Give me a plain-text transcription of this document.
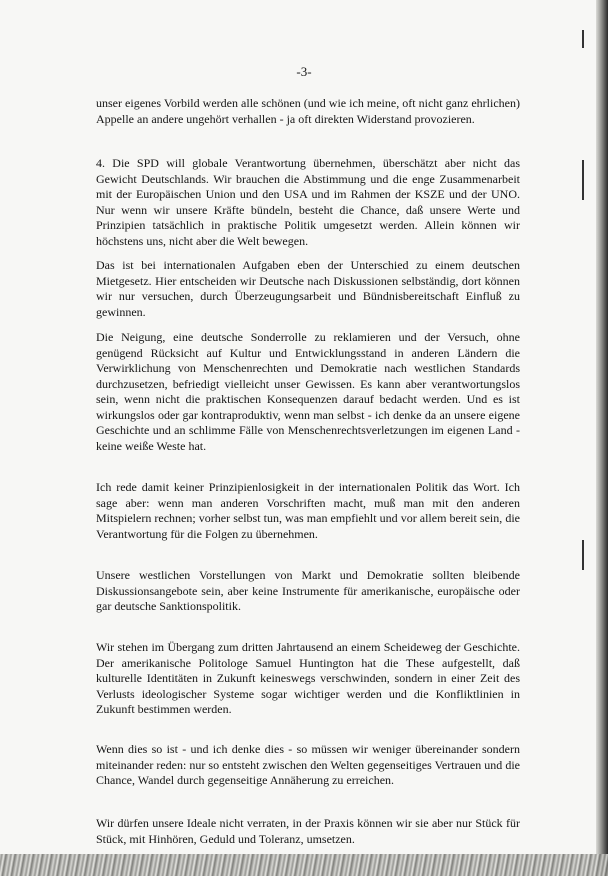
-3-

unser eigenes Vorbild werden alle schönen (und wie ich meine, oft nicht ganz ehrlichen) Appelle an andere ungehört verhallen - ja oft direkten Widerstand provozieren.

4. Die SPD will globale Verantwortung übernehmen, überschätzt aber nicht das Gewicht Deutschlands. Wir brauchen die Abstimmung und die enge Zusammenarbeit mit der Europäischen Union und den USA und im Rahmen der KSZE und der UNO. Nur wenn wir unsere Kräfte bündeln, besteht die Chance, daß unsere Werte und Prinzipien tatsächlich in praktische Politik umgesetzt werden. Allein können wir höchstens uns, nicht aber die Welt bewegen.

Das ist bei internationalen Aufgaben eben der Unterschied zu einem deutschen Mietgesetz. Hier entscheiden wir Deutsche nach Diskussionen selbständig, dort können wir nur versuchen, durch Überzeugungsarbeit und Bündnisbereitschaft Einfluß zu gewinnen.

Die Neigung, eine deutsche Sonderrolle zu reklamieren und der Versuch, ohne genügend Rücksicht auf Kultur und Entwicklungsstand in anderen Ländern die Verwirklichung von Menschenrechten und Demokratie nach westlichen Standards durchzusetzen, befriedigt vielleicht unser Gewissen. Es kann aber verantwortungslos sein, wenn nicht die praktischen Konsequenzen darauf bedacht werden. Und es ist wirkungslos oder gar kontraproduktiv, wenn man selbst - ich denke da an unsere eigene Geschichte und an schlimme Fälle von Menschenrechtsverletzungen im eigenen Land - keine weiße Weste hat.

Ich rede damit keiner Prinzipienlosigkeit in der internationalen Politik das Wort. Ich sage aber: wenn man anderen Vorschriften macht, muß man mit den anderen Mitspielern rechnen; vorher selbst tun, was man empfiehlt und vor allem bereit sein, die Verantwortung für die Folgen zu übernehmen.

Unsere westlichen Vorstellungen von Markt und Demokratie sollten bleibende Diskussionsangebote sein, aber keine Instrumente für amerikanische, europäische oder gar deutsche Sanktionspolitik.

Wir stehen im Übergang zum dritten Jahrtausend an einem Scheideweg der Geschichte. Der amerikanische Politologe Samuel Huntington hat die These aufgestellt, daß kulturelle Identitäten in Zukunft keineswegs verschwinden, sondern in einer Zeit des Verlusts ideologischer Systeme sogar wichtiger werden und die Konfliktlinien in Zukunft bestimmen werden.

Wenn dies so ist - und ich denke dies - so müssen wir weniger übereinander sondern miteinander reden: nur so entsteht zwischen den Welten gegenseitiges Vertrauen und die Chance, Wandel durch gegenseitige Annäherung zu erreichen.

Wir dürfen unsere Ideale nicht verraten, in der Praxis können wir sie aber nur Stück für Stück, mit Hinhören, Geduld und Toleranz, umsetzen.
